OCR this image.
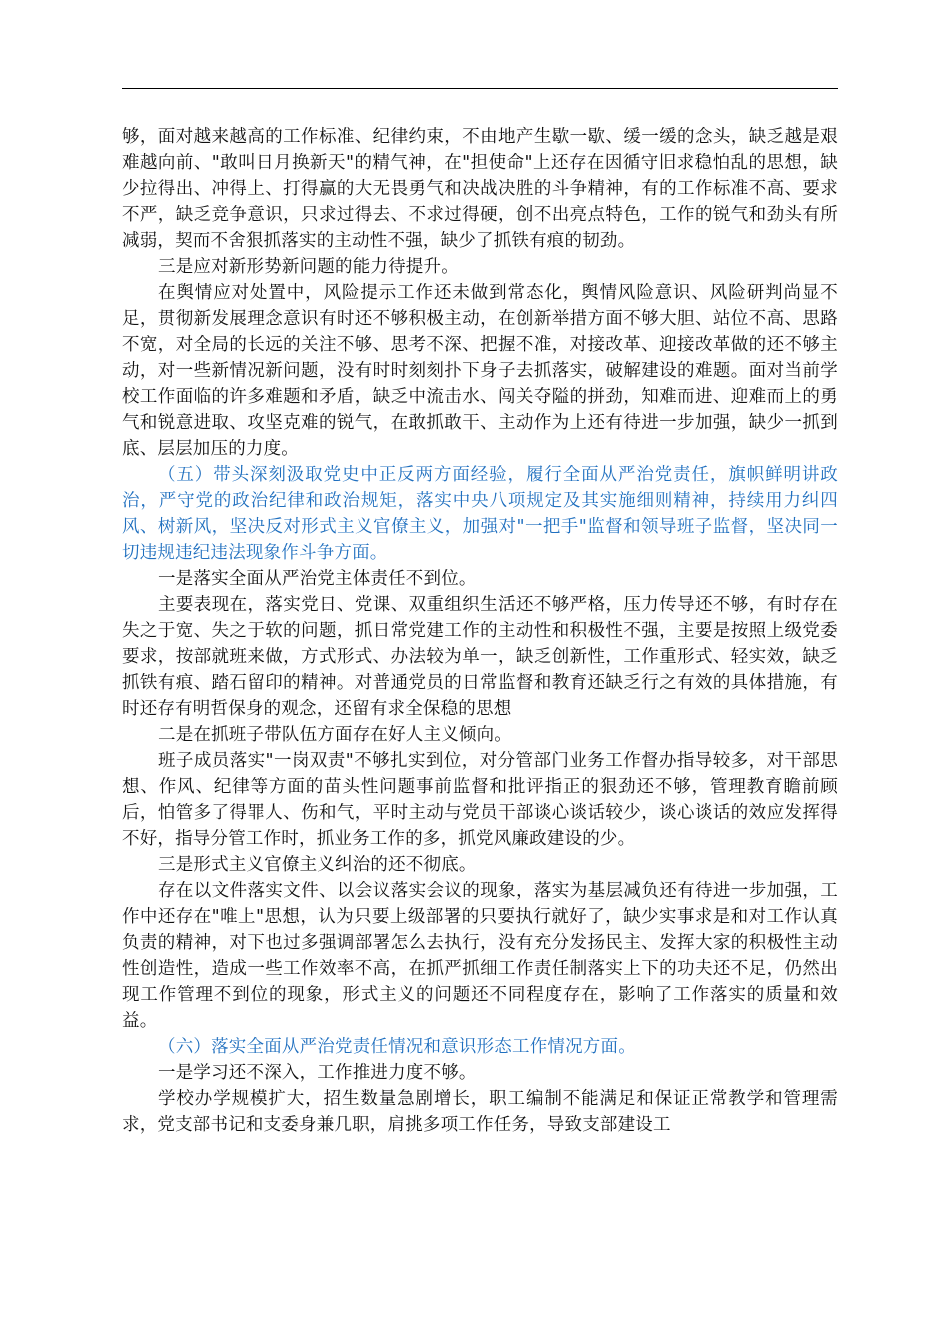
够，面对越来越高的工作标准、纪律约束，不由地产生歇一歇、缓一缓的念头，缺乏越是艰难越向前、"敢叫日月换新天"的精气神，在"担使命"上还存在因循守旧求稳怕乱的思想，缺少拉得出、冲得上、打得赢的大无畏勇气和决战决胜的斗争精神，有的工作标准不高、要求不严，缺乏竞争意识，只求过得去、不求过得硬，创不出亮点特色，工作的锐气和劲头有所减弱，契而不舍狠抓落实的主动性不强，缺少了抓铁有痕的韧劲。

三是应对新形势新问题的能力待提升。

在舆情应对处置中，风险提示工作还未做到常态化，舆情风险意识、风险研判尚显不足，贯彻新发展理念意识有时还不够积极主动，在创新举措方面不够大胆、站位不高、思路不宽，对全局的长远的关注不够、思考不深、把握不准，对接改革、迎接改革做的还不够主动，对一些新情况新问题，没有时时刻刻扑下身子去抓落实，破解建设的难题。面对当前学校工作面临的许多难题和矛盾，缺乏中流击水、闯关夺隘的拼劲，知难而进、迎难而上的勇气和锐意进取、攻坚克难的锐气，在敢抓敢干、主动作为上还有待进一步加强，缺少一抓到底、层层加压的力度。

（五）带头深刻汲取党史中正反两方面经验，履行全面从严治党责任，旗帜鲜明讲政治，严守党的政治纪律和政治规矩，落实中央八项规定及其实施细则精神，持续用力纠四风、树新风，坚决反对形式主义官僚主义，加强对"一把手"监督和领导班子监督，坚决同一切违规违纪违法现象作斗争方面。

一是落实全面从严治党主体责任不到位。

主要表现在，落实党日、党课、双重组织生活还不够严格，压力传导还不够，有时存在失之于宽、失之于软的问题，抓日常党建工作的主动性和积极性不强，主要是按照上级党委要求，按部就班来做，方式形式、办法较为单一，缺乏创新性，工作重形式、轻实效，缺乏抓铁有痕、踏石留印的精神。对普通党员的日常监督和教育还缺乏行之有效的具体措施，有时还存有明哲保身的观念，还留有求全保稳的思想

二是在抓班子带队伍方面存在好人主义倾向。

班子成员落实"一岗双责"不够扎实到位，对分管部门业务工作督办指导较多，对干部思想、作风、纪律等方面的苗头性问题事前监督和批评指正的狠劲还不够，管理教育瞻前顾后，怕管多了得罪人、伤和气，平时主动与党员干部谈心谈话较少，谈心谈话的效应发挥得不好，指导分管工作时，抓业务工作的多，抓党风廉政建设的少。

三是形式主义官僚主义纠治的还不彻底。

存在以文件落实文件、以会议落实会议的现象，落实为基层减负还有待进一步加强，工作中还存在"唯上"思想，认为只要上级部署的只要执行就好了，缺少实事求是和对工作认真负责的精神，对下也过多强调部署怎么去执行，没有充分发扬民主、发挥大家的积极性主动性创造性，造成一些工作效率不高，在抓严抓细工作责任制落实上下的功夫还不足，仍然出现工作管理不到位的现象，形式主义的问题还不同程度存在，影响了工作落实的质量和效益。

（六）落实全面从严治党责任情况和意识形态工作情况方面。

一是学习还不深入，工作推进力度不够。

学校办学规模扩大，招生数量急剧增长，职工编制不能满足和保证正常教学和管理需求，党支部书记和支委身兼几职，肩挑多项工作任务，导致支部建设工
